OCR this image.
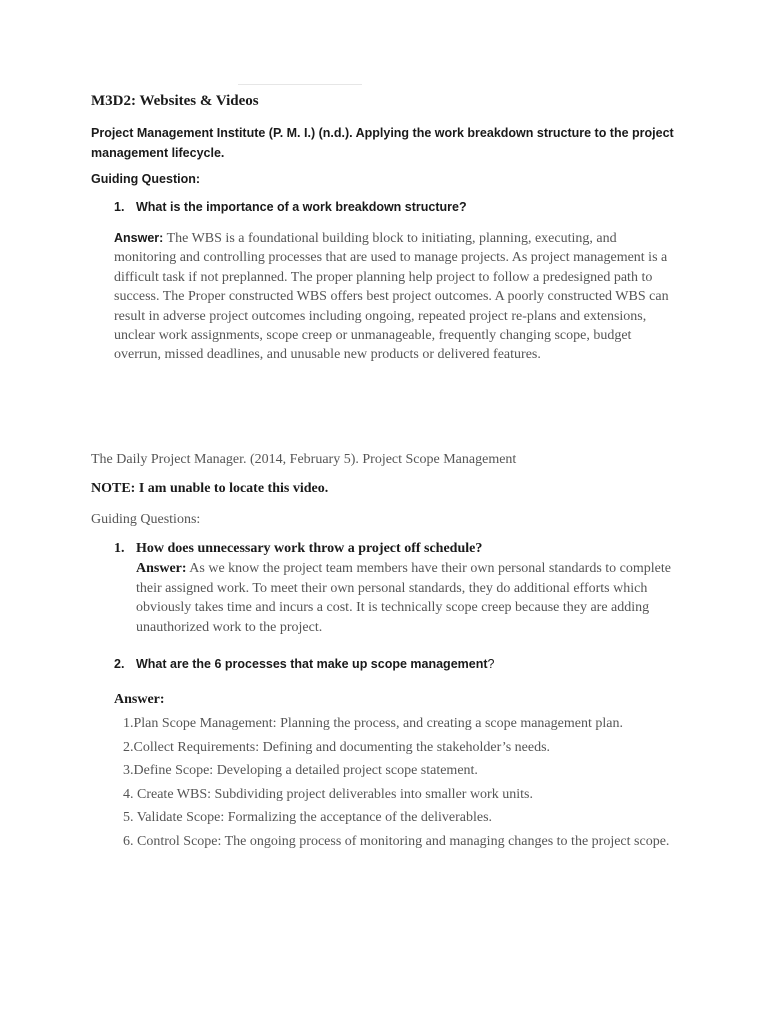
M3D2: Websites & Videos
Project Management Institute (P. M. I.) (n.d.). Applying the work breakdown structure to the project management lifecycle.
Guiding Question:
1. What is the importance of a work breakdown structure?
Answer: The WBS is a foundational building block to initiating, planning, executing, and monitoring and controlling processes that are used to manage projects. As project management is a difficult task if not preplanned. The proper planning help project to follow a predesigned path to success. The Proper constructed WBS offers best project outcomes. A poorly constructed WBS can result in adverse project outcomes including ongoing, repeated project re-plans and extensions, unclear work assignments, scope creep or unmanageable, frequently changing scope, budget overrun, missed deadlines, and unusable new products or delivered features.
The Daily Project Manager. (2014, February 5). Project Scope Management
NOTE: I am unable to locate this video.
Guiding Questions:
1. How does unnecessary work throw a project off schedule?
Answer: As we know the project team members have their own personal standards to complete their assigned work. To meet their own personal standards, they do additional efforts which obviously takes time and incurs a cost. It is technically scope creep because they are adding unauthorized work to the project.
2. What are the 6 processes that make up scope management?
Answer:
1.Plan Scope Management: Planning the process, and creating a scope management plan.
2.Collect Requirements: Defining and documenting the stakeholder’s needs.
3.Define Scope: Developing a detailed project scope statement.
4. Create WBS: Subdividing project deliverables into smaller work units.
5. Validate Scope: Formalizing the acceptance of the deliverables.
6. Control Scope: The ongoing process of monitoring and managing changes to the project scope.
